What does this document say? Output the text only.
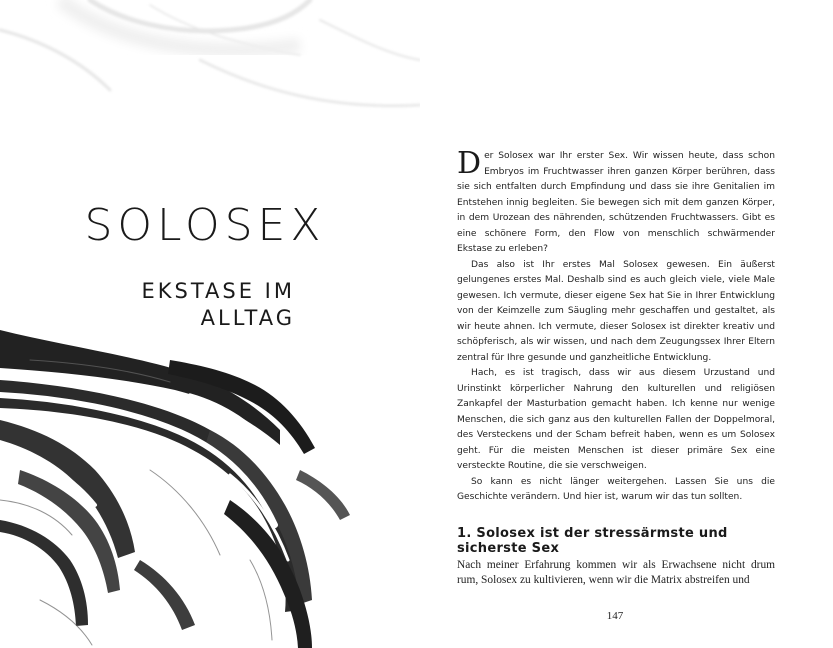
SOLOSEX
EKSTASE IM
ALLTAG

Der Solosex war Ihr erster Sex. Wir wissen heute, dass schon Embryos im Fruchtwasser ihren ganzen Körper berühren, dass sie sich entfalten durch Empfindung und dass sie ihre Genitalien im Entstehen innig begleiten. Sie bewegen sich mit dem ganzen Körper, in dem Urozean des nährenden, schützenden Fruchtwassers. Gibt es eine schönere Form, den Flow von menschlich schwärmender Ekstase zu erleben?

Das also ist Ihr erstes Mal Solosex gewesen. Ein äußerst gelungenes erstes Mal. Deshalb sind es auch gleich viele, viele Male gewesen. Ich vermute, dieser eigene Sex hat Sie in Ihrer Entwicklung von der Keimzelle zum Säugling mehr geschaffen und gestaltet, als wir heute ahnen. Ich vermute, dieser Solosex ist direkter kreativ und schöpferisch, als wir wissen, und nach dem Zeugungssex Ihrer Eltern zentral für Ihre gesunde und ganzheitliche Entwicklung.

Hach, es ist tragisch, dass wir aus diesem Urzustand und Urinstinkt körperlicher Nahrung den kulturellen und religiösen Zankapfel der Masturbation gemacht haben. Ich kenne nur wenige Menschen, die sich ganz aus den kulturellen Fallen der Doppelmoral, des Versteckens und der Scham befreit haben, wenn es um Solosex geht. Für die meisten Menschen ist dieser primäre Sex eine versteckte Routine, die sie verschweigen.

So kann es nicht länger weitergehen. Lassen Sie uns die Geschichte verändern. Und hier ist, warum wir das tun sollten.

1. Solosex ist der stressärmste und sicherste Sex

Nach meiner Erfahrung kommen wir als Erwachsene nicht drum rum, Solosex zu kultivieren, wenn wir die Matrix abstreifen und

147
